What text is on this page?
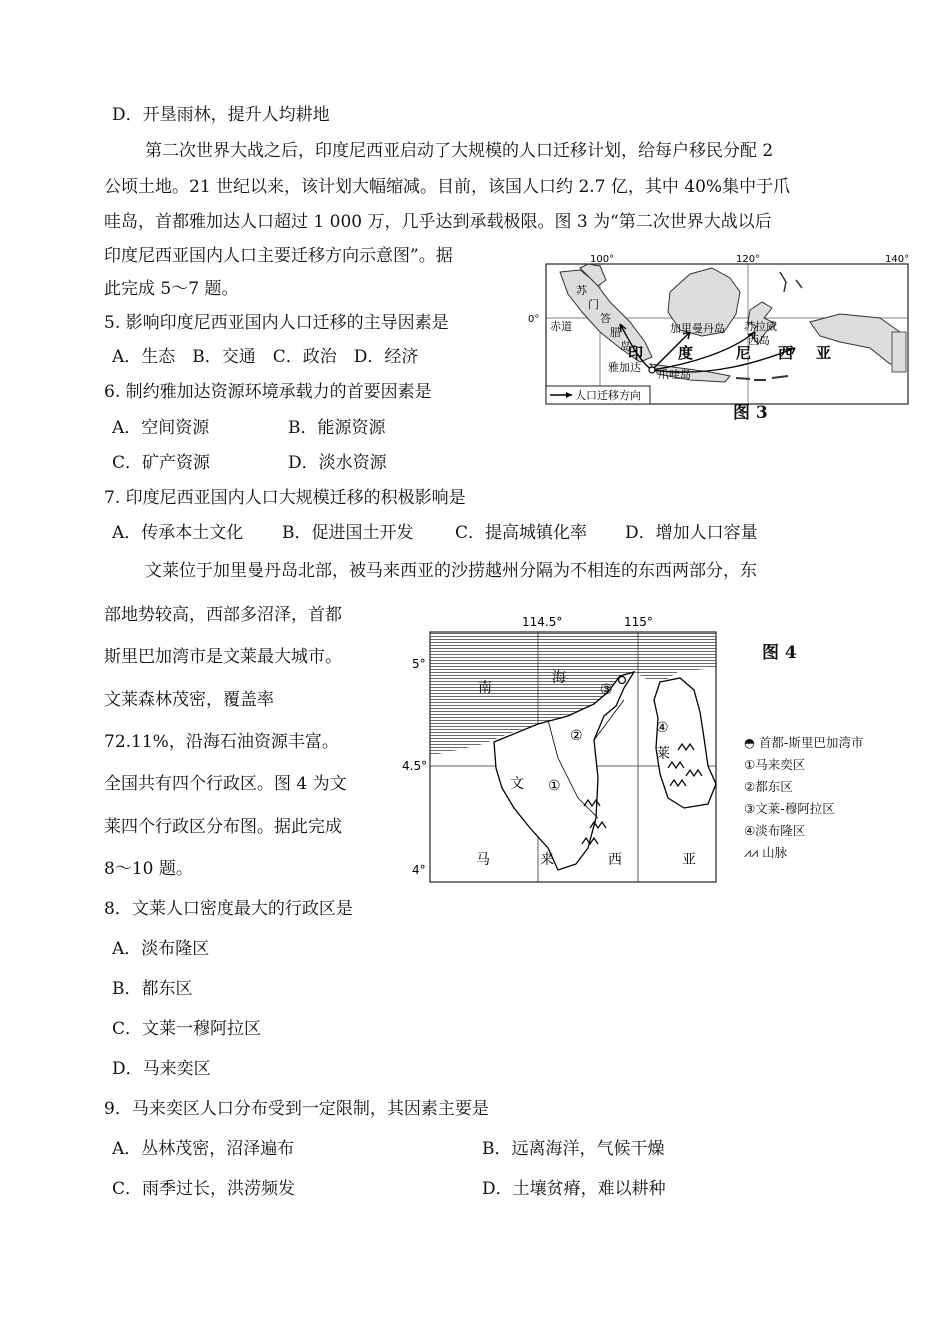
D．开垦雨林，提升人均耕地
第二次世界大战之后，印度尼西亚启动了大规模的人口迁移计划，给每户移民分配 2
公顷土地。21 世纪以来，该计划大幅缩减。目前，该国人口约 2.7 亿，其中 40%集中于爪
哇岛，首都雅加达人口超过 1 000 万，几乎达到承载极限。图 3 为“第二次世界大战以后
印度尼西亚国内人口主要迁移方向示意图”。据
此完成 5～7 题。
5. 影响印度尼西亚国内人口迁移的主导因素是
A．生态　B．交通　C．政治　D．经济
6. 制约雅加达资源环境承载力的首要因素是
A．空间资源	B．能源资源
C．矿产资源	D．淡水资源
7. 印度尼西亚国内人口大规模迁移的积极影响是
A．传承本土文化 B．促进国土开发 C．提高城镇化率 D．增加人口容量
文莱位于加里曼丹岛北部，被马来西亚的沙捞越州分隔为不相连的东西两部分，东
部地势较高，西部多沼泽，首都
斯里巴加湾市是文莱最大城市。
文莱森林茂密，覆盖率
72.11%，沿海石油资源丰富。
全国共有四个行政区。图 4 为文
莱四个行政区分布图。据此完成
8～10 题。
8．文莱人口密度最大的行政区是
A．淡布隆区
B．都东区
C．文莱一穆阿拉区
D．马来奕区
9．马来奕区人口分布受到一定限制，其因素主要是
A．丛林茂密，沼泽遍布	B．远离海洋，气候干燥
C．雨季过长，洪涝频发	D．土壤贫瘠，难以耕种
100°	120°	140°
0°
赤道
苏
门
答
腊
岛
加里曼丹岛 苏拉威
西岛
雅加达
爪哇岛
印 度	尼 西 亚
人口迁移方向
图 3
114.5°	115°
5°
4.5°
4°
南
海
文
莱
马	来	西	亚
①
②
③
④
图 4
◓ 首都-斯里巴加湾市
①马来奕区
②都东区
③文莱-穆阿拉区
④淡布隆区
⩘⩘ 山脉
